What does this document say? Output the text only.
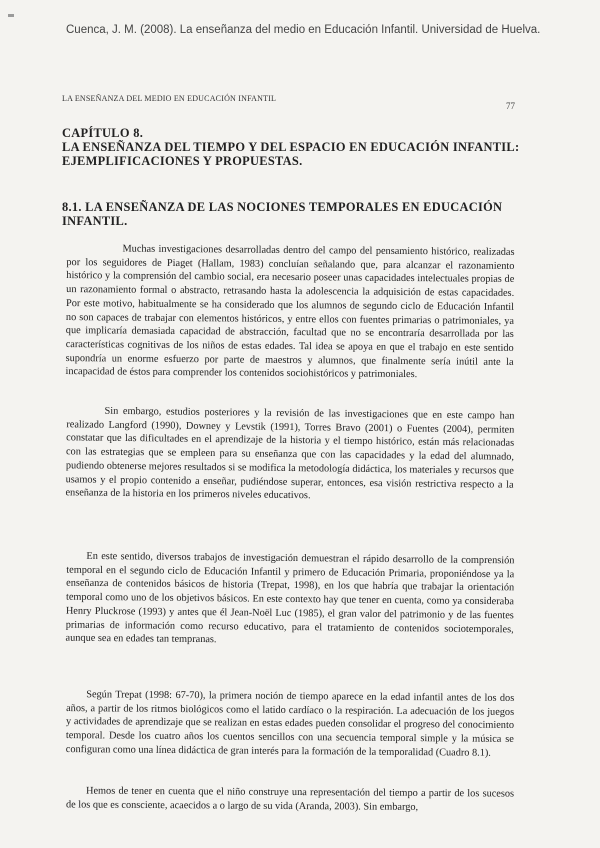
Cuenca, J. M. (2008). La enseñanza del medio en Educación Infantil. Universidad de Huelva.
LA ENSEÑANZA DEL MEDIO EN EDUCACIÓN INFANTIL
77
CAPÍTULO 8.
LA ENSEÑANZA DEL TIEMPO Y DEL ESPACIO EN EDUCACIÓN INFANTIL: EJEMPLIFICACIONES Y PROPUESTAS.
8.1. LA ENSEÑANZA DE LAS NOCIONES TEMPORALES EN EDUCACIÓN INFANTIL.

Muchas investigaciones desarrolladas dentro del campo del pensamiento histórico, realizadas por los seguidores de Piaget (Hallam, 1983) concluían señalando que, para alcanzar el razonamiento histórico y la comprensión del cambio social, era necesario poseer unas capacidades intelectuales propias de un razonamiento formal o abstracto, retrasando hasta la adolescencia la adquisición de estas capacidades. Por este motivo, habitualmente se ha considerado que los alumnos de segundo ciclo de Educación Infantil no son capaces de trabajar con elementos históricos, y entre ellos con fuentes primarias o patrimoniales, ya que implicaría demasiada capacidad de abstracción, facultad que no se encontraría desarrollada por las características cognitivas de los niños de estas edades. Tal idea se apoya en que el trabajo en este sentido supondría un enorme esfuerzo por parte de maestros y alumnos, que finalmente sería inútil ante la incapacidad de éstos para comprender los contenidos sociohistóricos y patrimoniales.

Sin embargo, estudios posteriores y la revisión de las investigaciones que en este campo han realizado Langford (1990), Downey y Levstik (1991), Torres Bravo (2001) o Fuentes (2004), permiten constatar que las dificultades en el aprendizaje de la historia y el tiempo histórico, están más relacionadas con las estrategias que se empleen para su enseñanza que con las capacidades y la edad del alumnado, pudiendo obtenerse mejores resultados si se modifica la metodología didáctica, los materiales y recursos que usamos y el propio contenido a enseñar, pudiéndose superar, entonces, esa visión restrictiva respecto a la enseñanza de la historia en los primeros niveles educativos.

En este sentido, diversos trabajos de investigación demuestran el rápido desarrollo de la comprensión temporal en el segundo ciclo de Educación Infantil y primero de Educación Primaria, proponiéndose ya la enseñanza de contenidos básicos de historia (Trepat, 1998), en los que habría que trabajar la orientación temporal como uno de los objetivos básicos. En este contexto hay que tener en cuenta, como ya consideraba Henry Pluckrose (1993) y antes que él Jean-Noël Luc (1985), el gran valor del patrimonio y de las fuentes primarias de información como recurso educativo, para el tratamiento de contenidos sociotemporales, aunque sea en edades tan tempranas.

Según Trepat (1998: 67-70), la primera noción de tiempo aparece en la edad infantil antes de los dos años, a partir de los ritmos biológicos como el latido cardíaco o la respiración. La adecuación de los juegos y actividades de aprendizaje que se realizan en estas edades pueden consolidar el progreso del conocimiento temporal. Desde los cuatro años los cuentos sencillos con una secuencia temporal simple y la música se configuran como una línea didáctica de gran interés para la formación de la temporalidad (Cuadro 8.1).

Hemos de tener en cuenta que el niño construye una representación del tiempo a partir de los sucesos de los que es consciente, acaecidos a o largo de su vida (Aranda, 2003). Sin embargo,
